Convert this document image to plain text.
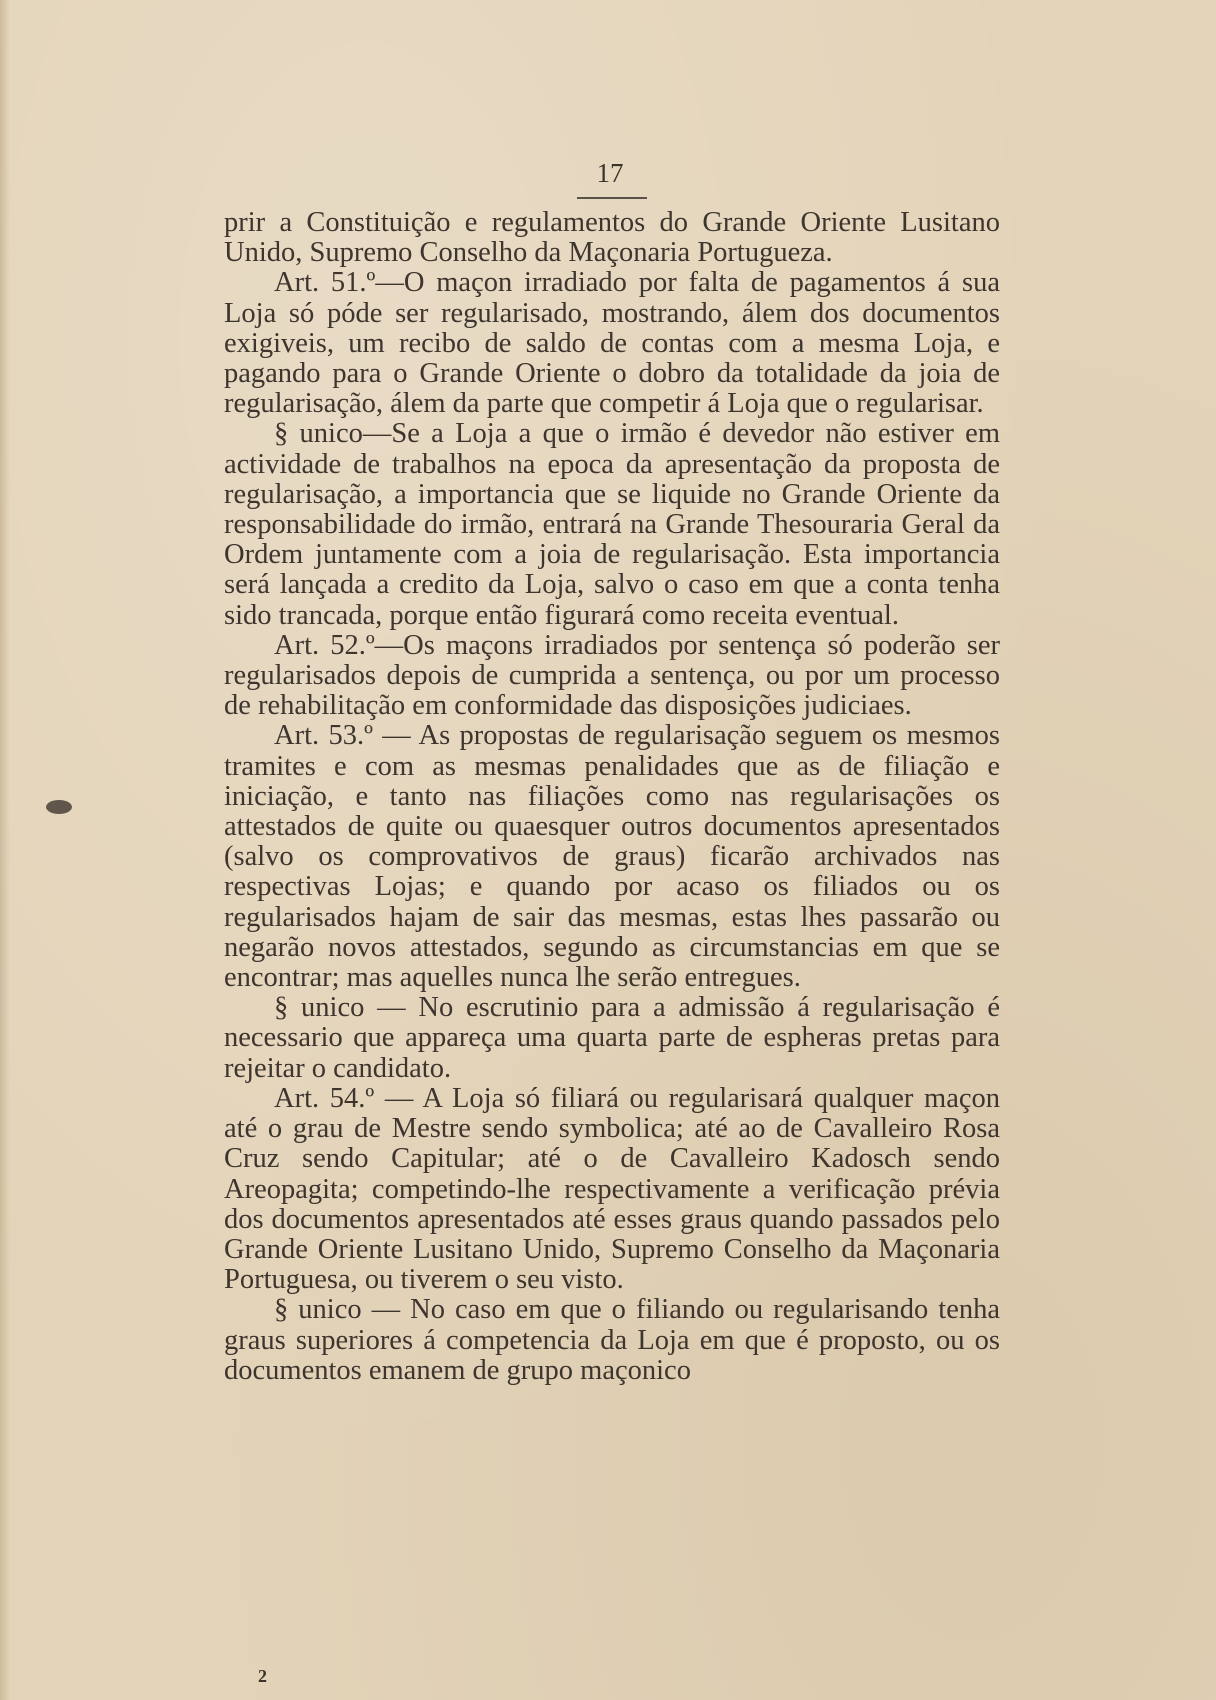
17

prir a Constituição e regulamentos do Grande Oriente Lusitano Unido, Supremo Conselho da Maçonaria Portugueza.

Art. 51.º—O maçon irradiado por falta de pagamentos á sua Loja só póde ser regularisado, mostrando, álem dos documentos exigiveis, um recibo de saldo de contas com a mesma Loja, e pagando para o Grande Oriente o dobro da totalidade da joia de regularisação, álem da parte que competir á Loja que o regularisar.

§ unico—Se a Loja a que o irmão é devedor não estiver em actividade de trabalhos na epoca da apresentação da proposta de regularisação, a importancia que se liquide no Grande Oriente da responsabilidade do irmão, entrará na Grande Thesouraria Geral da Ordem juntamente com a joia de regularisação. Esta importancia será lançada a credito da Loja, salvo o caso em que a conta tenha sido trancada, porque então figurará como receita eventual.

Art. 52.º—Os maçons irradiados por sentença só poderão ser regularisados depois de cumprida a sentença, ou por um processo de rehabilitação em conformidade das disposições judiciaes.

Art. 53.º — As propostas de regularisação seguem os mesmos tramites e com as mesmas penalidades que as de filiação e iniciação, e tanto nas filiações como nas regularisações os attestados de quite ou quaesquer outros documentos apresentados (salvo os comprovativos de graus) ficarão archivados nas respectivas Lojas; e quando por acaso os filiados ou os regularisados hajam de sair das mesmas, estas lhes passarão ou negarão novos attestados, segundo as circumstancias em que se encontrar; mas aquelles nunca lhe serão entregues.

§ unico — No escrutinio para a admissão á regularisação é necessario que appareça uma quarta parte de espheras pretas para rejeitar o candidato.

Art. 54.º — A Loja só filiará ou regularisará qualquer maçon até o grau de Mestre sendo symbolica; até ao de Cavalleiro Rosa Cruz sendo Capitular; até o de Cavalleiro Kadosch sendo Areopagita; competindo-lhe respectivamente a verificação prévia dos documentos apresentados até esses graus quando passados pelo Grande Oriente Lusitano Unido, Supremo Conselho da Maçonaria Portuguesa, ou tiverem o seu visto.

§ unico — No caso em que o filiando ou regularisando tenha graus superiores á competencia da Loja em que é proposto, ou os documentos emanem de grupo maçonico

2
